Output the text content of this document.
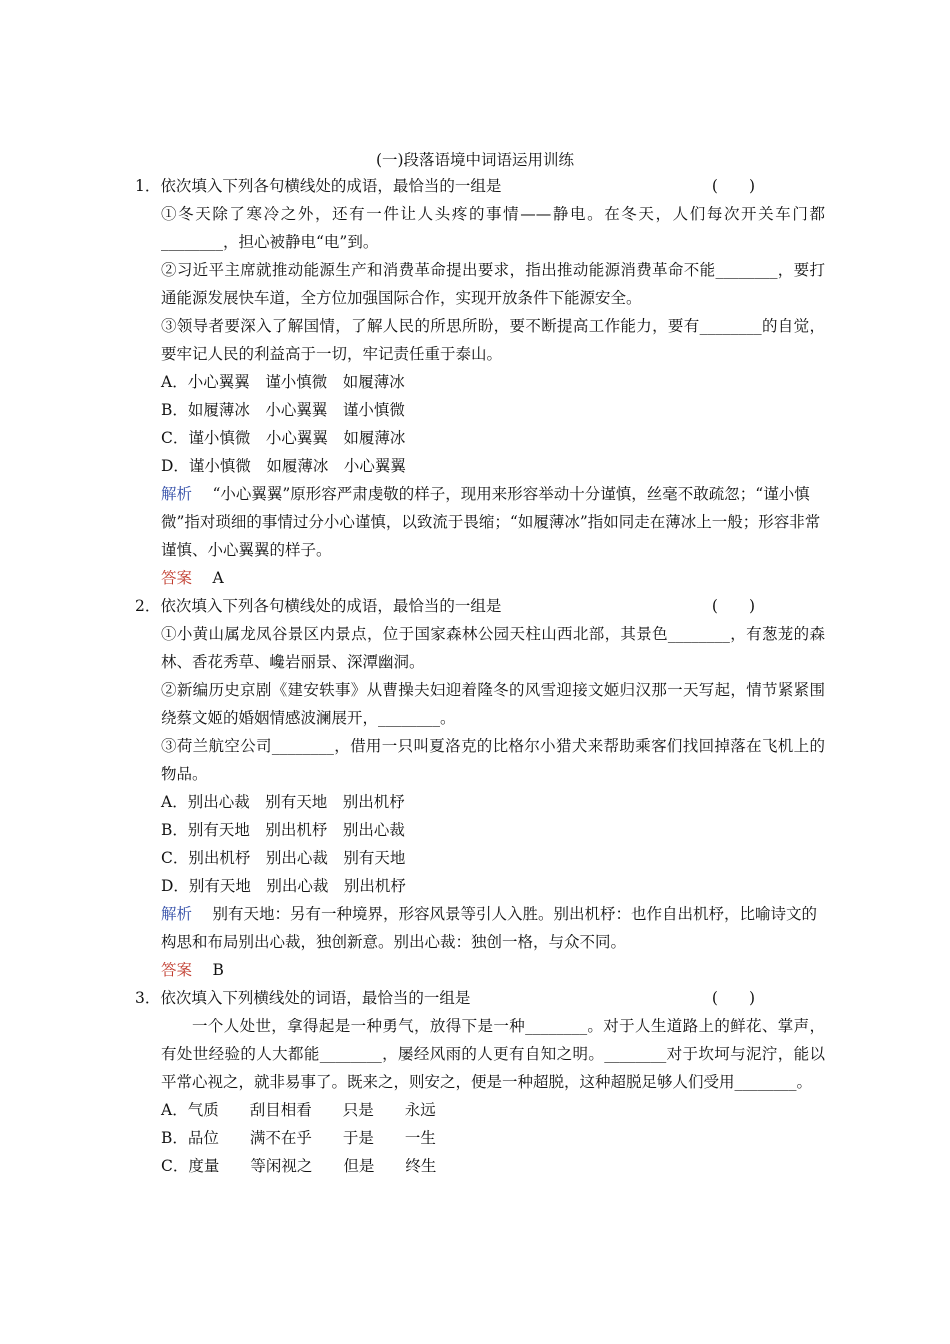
(一)段落语境中词语运用训练
1．依次填入下列各句横线处的成语，最恰当的一组是	(　　)
①冬天除了寒冷之外，还有一件让人头疼的事情——静电。在冬天，人们每次开关车门都________，担心被静电“电”到。
②习近平主席就推动能源生产和消费革命提出要求，指出推动能源消费革命不能________，要打通能源发展快车道，全方位加强国际合作，实现开放条件下能源安全。
③领导者要深入了解国情，了解人民的所思所盼，要不断提高工作能力，要有________的自觉，要牢记人民的利益高于一切，牢记责任重于泰山。
A．小心翼翼　谨小慎微　如履薄冰
B．如履薄冰　小心翼翼　谨小慎微
C．谨小慎微　小心翼翼　如履薄冰
D．谨小慎微　如履薄冰　小心翼翼
解析　 “小心翼翼”原形容严肃虔敬的样子，现用来形容举动十分谨慎，丝毫不敢疏忽；“谨小慎微”指对琐细的事情过分小心谨慎，以致流于畏缩；“如履薄冰”指如同走在薄冰上一般；形容非常谨慎、小心翼翼的样子。
答案　 A
2．依次填入下列各句横线处的成语，最恰当的一组是	(　　)
①小黄山属龙凤谷景区内景点，位于国家森林公园天柱山西北部，其景色________，有葱茏的森林、香花秀草、巉岩丽景、深潭幽洞。
②新编历史京剧《建安轶事》从曹操夫妇迎着隆冬的风雪迎接文姬归汉那一天写起，情节紧紧围绕蔡文姬的婚姻情感波澜展开，________。
③荷兰航空公司________，借用一只叫夏洛克的比格尔小猎犬来帮助乘客们找回掉落在飞机上的物品。
A．别出心裁　别有天地　别出机杼
B．别有天地　别出机杼　别出心裁
C．别出机杼　别出心裁　别有天地
D．别有天地　别出心裁　别出机杼
解析　 别有天地：另有一种境界，形容风景等引人入胜。别出机杼：也作自出机杼，比喻诗文的构思和布局别出心裁，独创新意。别出心裁：独创一格，与众不同。
答案　 B
3．依次填入下列横线处的词语，最恰当的一组是	(　　)
一个人处世，拿得起是一种勇气，放得下是一种________。对于人生道路上的鲜花、掌声，有处世经验的人大都能________，屡经风雨的人更有自知之明。________对于坎坷与泥泞，能以平常心视之，就非易事了。既来之，则安之，便是一种超脱，这种超脱足够人们受用________。
A．气质　　刮目相看　　只是　　永远
B．品位　　满不在乎　　于是　　一生
C．度量　　等闲视之　　但是　　终生
